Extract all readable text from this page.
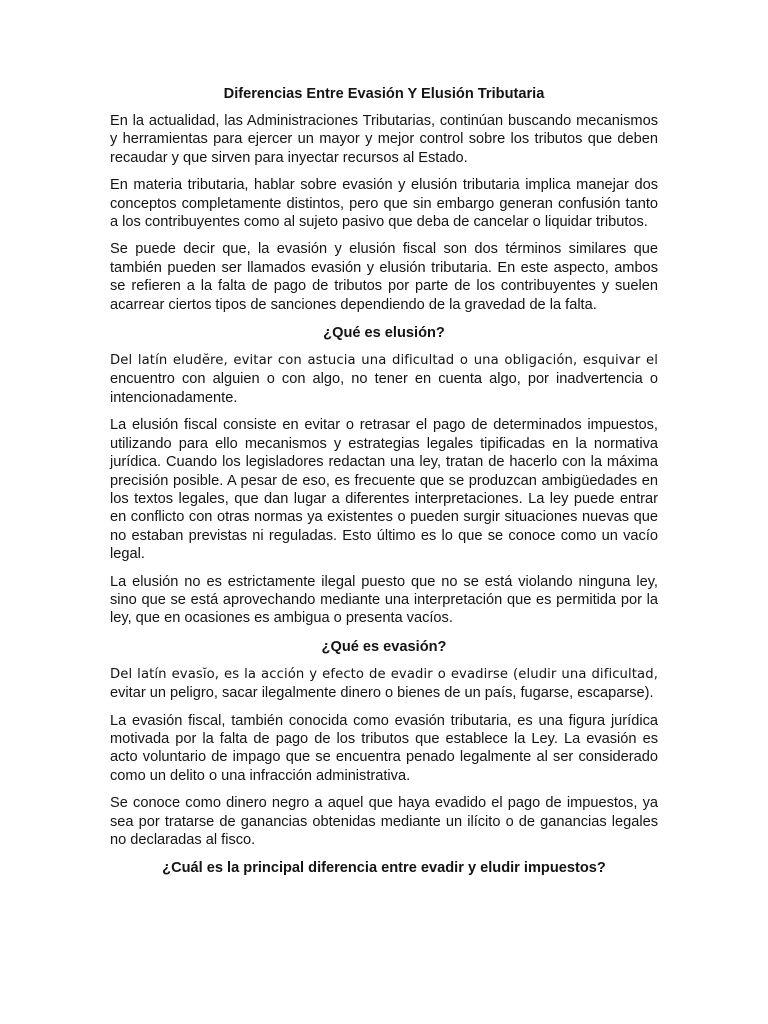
Diferencias Entre Evasión Y Elusión Tributaria

En la actualidad, las Administraciones Tributarias, continúan buscando mecanismos y herramientas para ejercer un mayor y mejor control sobre los tributos que deben recaudar y que sirven para inyectar recursos al Estado.

En materia tributaria, hablar sobre evasión y elusión tributaria implica manejar dos conceptos completamente distintos, pero que sin embargo generan confusión tanto a los contribuyentes como al sujeto pasivo que deba de cancelar o liquidar tributos.

Se puede decir que, la evasión y elusión fiscal son dos términos similares que también pueden ser llamados evasión y elusión tributaria. En este aspecto, ambos se refieren a la falta de pago de tributos por parte de los contribuyentes y suelen acarrear ciertos tipos de sanciones dependiendo de la gravedad de la falta.

¿Qué es elusión?

Del latín eludĕre, evitar con astucia una dificultad o una obligación, esquivar el encuentro con alguien o con algo, no tener en cuenta algo, por inadvertencia o intencionadamente.

La elusión fiscal consiste en evitar o retrasar el pago de determinados impuestos, utilizando para ello mecanismos y estrategias legales tipificadas en la normativa jurídica. Cuando los legisladores redactan una ley, tratan de hacerlo con la máxima precisión posible. A pesar de eso, es frecuente que se produzcan ambigüedades en los textos legales, que dan lugar a diferentes interpretaciones. La ley puede entrar en conflicto con otras normas ya existentes o pueden surgir situaciones nuevas que no estaban previstas ni reguladas. Esto último es lo que se conoce como un vacío legal.

La elusión no es estrictamente ilegal puesto que no se está violando ninguna ley, sino que se está aprovechando mediante una interpretación que es permitida por la ley, que en ocasiones es ambigua o presenta vacíos.

¿Qué es evasión?

Del latín evasĭo, es la acción y efecto de evadir o evadirse (eludir una dificultad, evitar un peligro, sacar ilegalmente dinero o bienes de un país, fugarse, escaparse).

La evasión fiscal, también conocida como evasión tributaria, es una figura jurídica motivada por la falta de pago de los tributos que establece la Ley. La evasión es acto voluntario de impago que se encuentra penado legalmente al ser considerado como un delito o una infracción administrativa.

Se conoce como dinero negro a aquel que haya evadido el pago de impuestos, ya sea por tratarse de ganancias obtenidas mediante un ilícito o de ganancias legales no declaradas al fisco.

¿Cuál es la principal diferencia entre evadir y eludir impuestos?
